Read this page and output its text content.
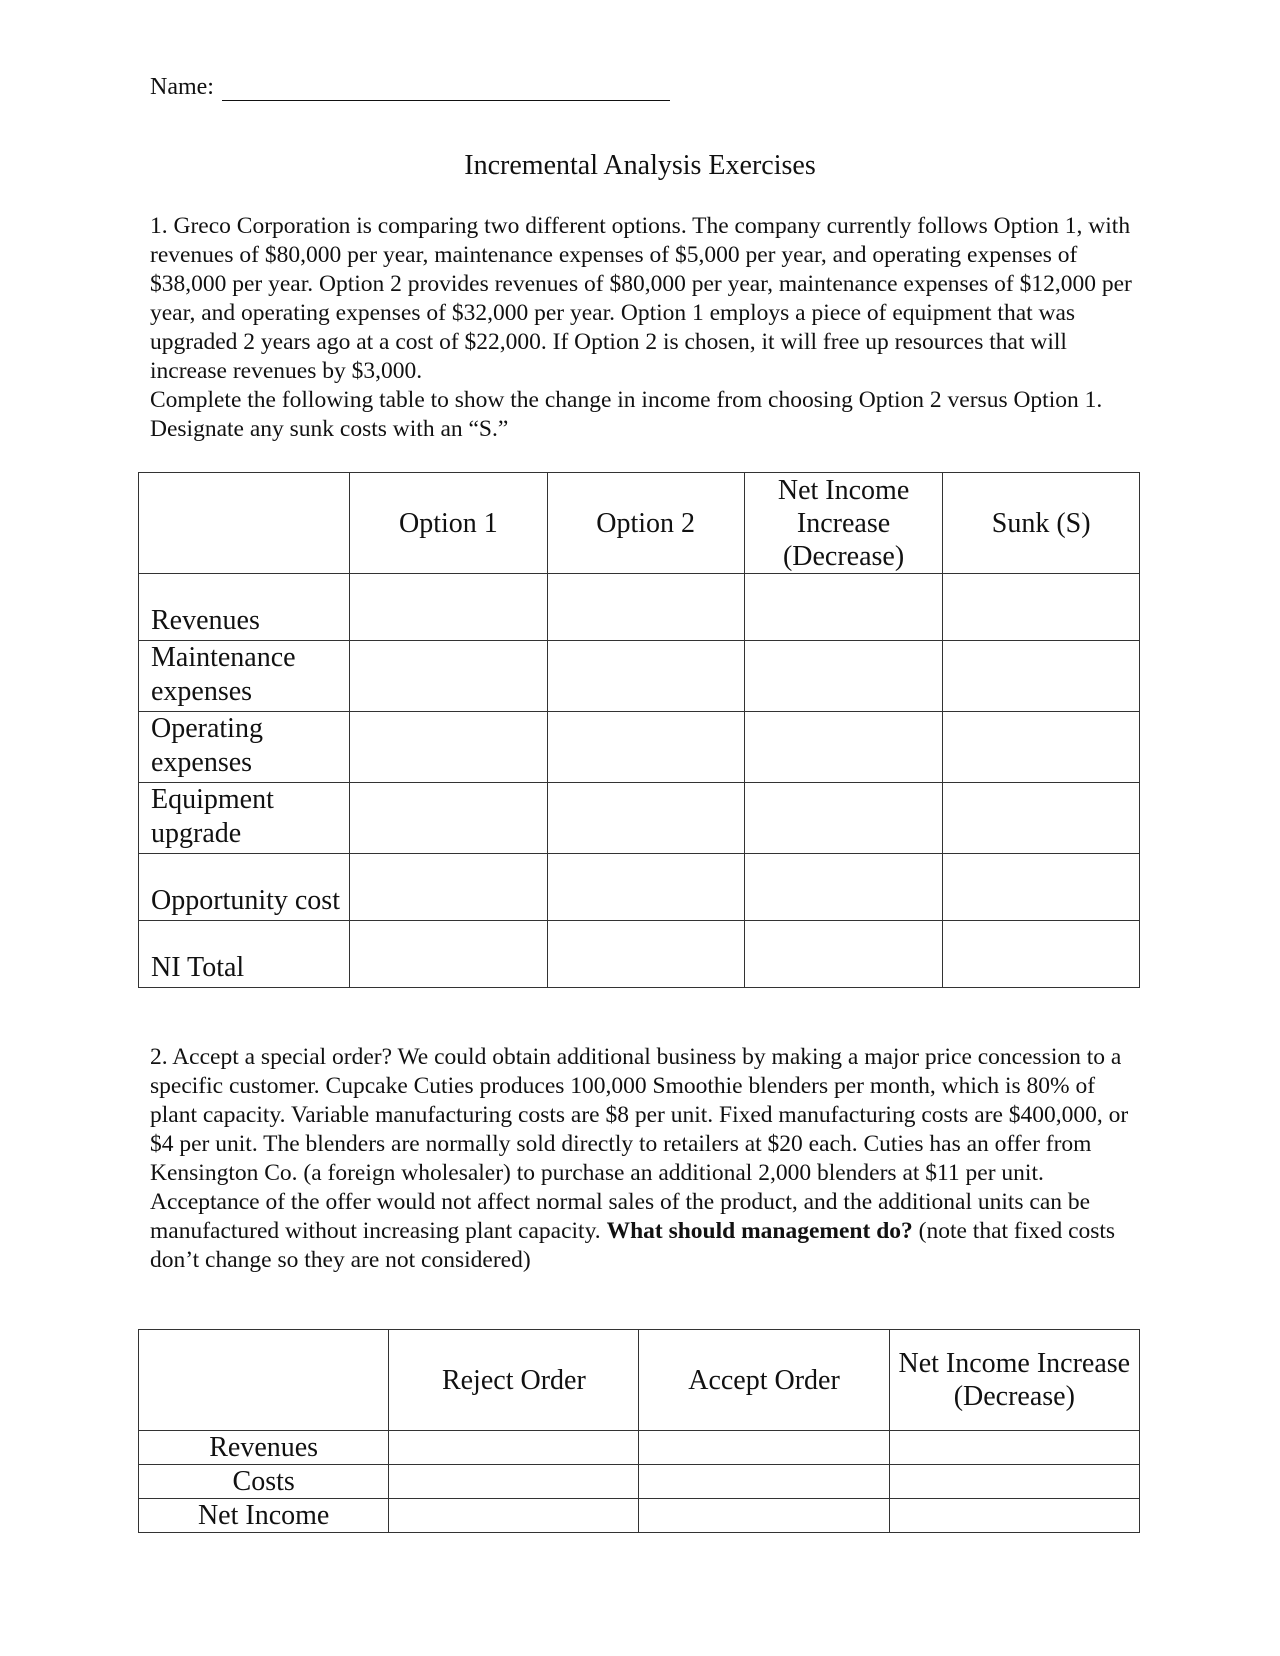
Name:
Incremental Analysis Exercises

1. Greco Corporation is comparing two different options. The company currently follows Option 1, with revenues of $80,000 per year, maintenance expenses of $5,000 per year, and operating expenses of $38,000 per year. Option 2 provides revenues of $80,000 per year, maintenance expenses of $12,000 per year, and operating expenses of $32,000 per year. Option 1 employs a piece of equipment that was upgraded 2 years ago at a cost of $22,000. If Option 2 is chosen, it will free up resources that will increase revenues by $3,000.

Complete the following table to show the change in income from choosing Option 2 versus Option 1. Designate any sunk costs with an “S.”

	Option 1	Option 2	Net Income Increase (Decrease)	Sunk (S)

Revenues				

Maintenance expenses				

Operating expenses				

Equipment upgrade				

Opportunity cost				

NI Total				

2. Accept a special order? We could obtain additional business by making a major price concession to a specific customer. Cupcake Cuties produces 100,000 Smoothie blenders per month, which is 80% of plant capacity. Variable manufacturing costs are $8 per unit. Fixed manufacturing costs are $400,000, or $4 per unit. The blenders are normally sold directly to retailers at $20 each. Cuties has an offer from Kensington Co. (a foreign wholesaler) to purchase an additional 2,000 blenders at $11 per unit. Acceptance of the offer would not affect normal sales of the product, and the additional units can be manufactured without increasing plant capacity. What should management do? (note that fixed costs don’t change so they are not considered)

	Reject Order	Accept Order	Net Income Increase (Decrease)
Revenues			
Costs			
Net Income			
